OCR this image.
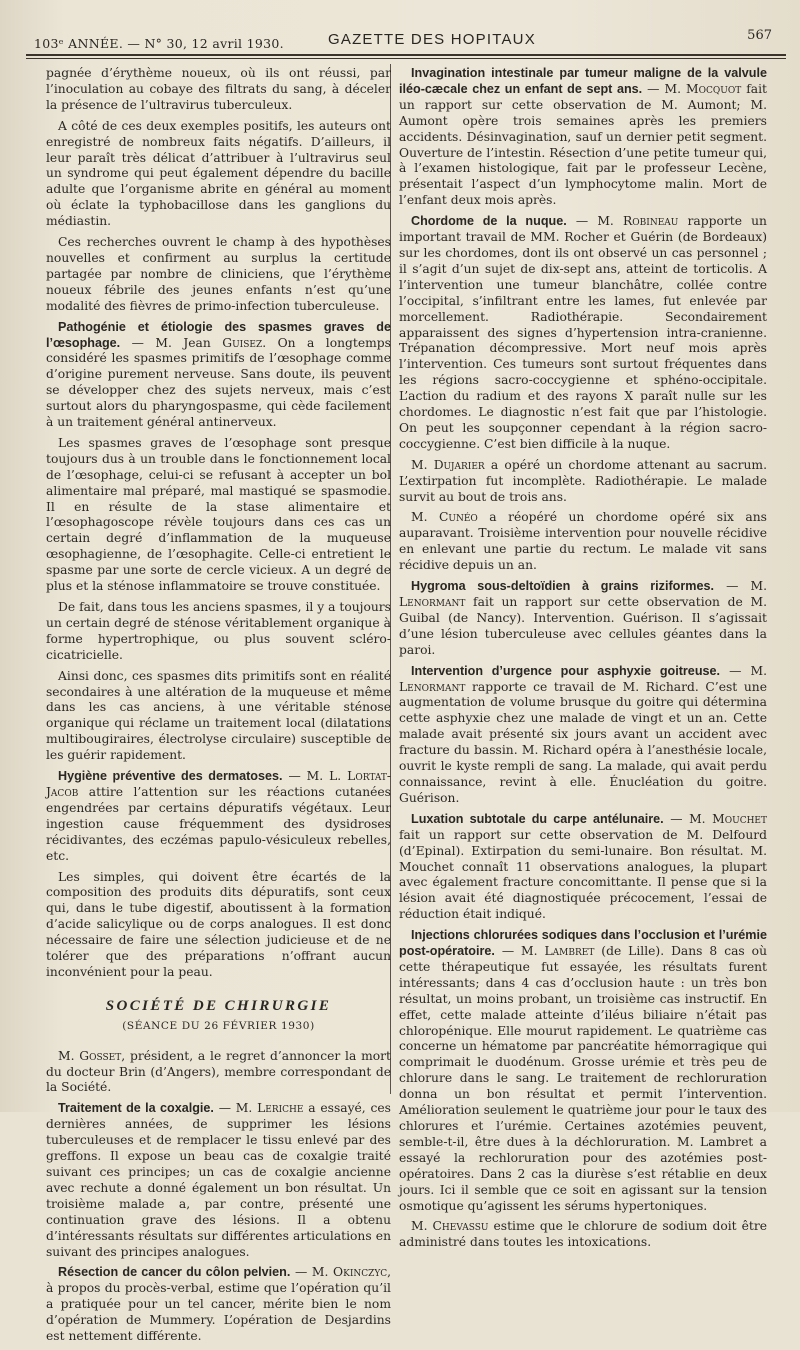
103ᵉ ANNÉE. — N° 30, 12 avril 1930.	GAZETTE DES HOPITAUX	567

pagnée d’érythème noueux, où ils ont réussi, par l’inoculation au cobaye des filtrats du sang, à déceler la présence de l’ultravirus tuberculeux.

A côté de ces deux exemples positifs, les auteurs ont enregistré de nombreux faits négatifs. D’ailleurs, il leur paraît très délicat d’attribuer à l’ultravirus seul un syndrome qui peut également dépendre du bacille adulte que l’organisme abrite en général au moment où éclate la typhobacillose dans les ganglions du médiastin.

Ces recherches ouvrent le champ à des hypothèses nouvelles et confirment au surplus la certitude partagée par nombre de cliniciens, que l’érythème noueux fébrile des jeunes enfants n’est qu’une modalité des fièvres de primo-infection tuberculeuse.

Pathogénie et étiologie des spasmes graves de l’œsophage. — M. Jean Guisez. On a longtemps considéré les spasmes primitifs de l’œsophage comme d’origine purement nerveuse. Sans doute, ils peuvent se développer chez des sujets nerveux, mais c’est surtout alors du pharyngospasme, qui cède facilement à un traitement général antinerveux.

Les spasmes graves de l’œsophage sont presque toujours dus à un trouble dans le fonctionnement local de l’œsophage, celui-ci se refusant à accepter un bol alimentaire mal préparé, mal mastiqué se spasmodie. Il en résulte de la stase alimentaire et l’œsophagoscope révèle toujours dans ces cas un certain degré d’inflammation de la muqueuse œsophagienne, de l’œsophagite. Celle-ci entretient le spasme par une sorte de cercle vicieux. A un degré de plus et la sténose inflammatoire se trouve constituée.

De fait, dans tous les anciens spasmes, il y a toujours un certain degré de sténose véritablement organique à forme hypertrophique, ou plus souvent scléro-cicatricielle.

Ainsi donc, ces spasmes dits primitifs sont en réalité secondaires à une altération de la muqueuse et même dans les cas anciens, à une véritable sténose organique qui réclame un traitement local (dilatations multibougiraires, électrolyse circulaire) susceptible de les guérir rapidement.

Hygiène préventive des dermatoses. — M. L. Lortat-Jacob attire l’attention sur les réactions cutanées engendrées par certains dépuratifs végétaux. Leur ingestion cause fréquemment des dysidroses récidivantes, des eczémas papulo-vésiculeux rebelles, etc.

Les simples, qui doivent être écartés de la composition des produits dits dépuratifs, sont ceux qui, dans le tube digestif, aboutissent à la formation d’acide salicylique ou de corps analogues. Il est donc nécessaire de faire une sélection judicieuse et de ne tolérer que des préparations n’offrant aucun inconvénient pour la peau.

SOCIÉTÉ DE CHIRURGIE
(SÉANCE DU 26 FÉVRIER 1930)

M. Gosset, président, a le regret d’annoncer la mort du docteur Brin (d’Angers), membre correspondant de la Société.

Traitement de la coxalgie. — M. Leriche a essayé, ces dernières années, de supprimer les lésions tuberculeuses et de remplacer le tissu enlevé par des greffons. Il expose un beau cas de coxalgie traité suivant ces principes; un cas de coxalgie ancienne avec rechute a donné également un bon résultat. Un troisième malade a, par contre, présenté une continuation grave des lésions. Il a obtenu d’intéressants résultats sur différentes articulations en suivant des principes analogues.

Résection de cancer du côlon pelvien. — M. Okinczyc, à propos du procès-verbal, estime que l’opération qu’il a pratiquée pour un tel cancer, mérite bien le nom d’opération de Mummery. L’opération de Desjardins est nettement différente.

Invagination intestinale par tumeur maligne de la valvule iléo-cæcale chez un enfant de sept ans. — M. Mocquot fait un rapport sur cette observation de M. Aumont; M. Aumont opère trois semaines après les premiers accidents. Désinvagination, sauf un dernier petit segment. Ouverture de l’intestin. Résection d’une petite tumeur qui, à l’examen histologique, fait par le professeur Lecène, présentait l’aspect d’un lymphocytome malin. Mort de l’enfant deux mois après.

Chordome de la nuque. — M. Robineau rapporte un important travail de MM. Rocher et Guérin (de Bordeaux) sur les chordomes, dont ils ont observé un cas personnel ; il s’agit d’un sujet de dix-sept ans, atteint de torticolis. A l’intervention une tumeur blanchâtre, collée contre l’occipital, s’infiltrant entre les lames, fut enlevée par morcellement. Radiothérapie. Secondairement apparaissent des signes d’hypertension intra-cranienne. Trépanation décompressive. Mort neuf mois après l’intervention. Ces tumeurs sont surtout fréquentes dans les régions sacro-coccygienne et sphéno-occipitale. L’action du radium et des rayons X paraît nulle sur les chordomes. Le diagnostic n’est fait que par l’histologie. On peut les soupçonner cependant à la région sacro-coccygienne. C’est bien difficile à la nuque.

M. Dujarier a opéré un chordome attenant au sacrum. L’extirpation fut incomplète. Radiothérapie. Le malade survit au bout de trois ans.

M. Cunéo a réopéré un chordome opéré six ans auparavant. Troisième intervention pour nouvelle récidive en enlevant une partie du rectum. Le malade vit sans récidive depuis un an.

Hygroma sous-deltoïdien à grains riziformes. — M. Lenormant fait un rapport sur cette observation de M. Guibal (de Nancy). Intervention. Guérison. Il s’agissait d’une lésion tuberculeuse avec cellules géantes dans la paroi.

Intervention d’urgence pour asphyxie goitreuse. — M. Lenormant rapporte ce travail de M. Richard. C’est une augmentation de volume brusque du goitre qui détermina cette asphyxie chez une malade de vingt et un an. Cette malade avait présenté six jours avant un accident avec fracture du bassin. M. Richard opéra à l’anesthésie locale, ouvrit le kyste rempli de sang. La malade, qui avait perdu connaissance, revint à elle. Énucléation du goitre. Guérison.

Luxation subtotale du carpe antélunaire. — M. Mouchet fait un rapport sur cette observation de M. Delfourd (d’Epinal). Extirpation du semi-lunaire. Bon résultat. M. Mouchet connaît 11 observations analogues, la plupart avec également fracture concomittante. Il pense que si la lésion avait été diagnostiquée précocement, l’essai de réduction était indiqué.

Injections chlorurées sodiques dans l’occlusion et l’urémie post-opératoire. — M. Lambret (de Lille). Dans 8 cas où cette thérapeutique fut essayée, les résultats furent intéressants; dans 4 cas d’occlusion haute : un très bon résultat, un moins probant, un troisième cas instructif. En effet, cette malade atteinte d’iléus biliaire n’était pas chloropénique. Elle mourut rapidement. Le quatrième cas concerne un hématome par pancréatite hémorragique qui comprimait le duodénum. Grosse urémie et très peu de chlorure dans le sang. Le traitement de rechloruration donna un bon résultat et permit l’intervention. Amélioration seulement le quatrième jour pour le taux des chlorures et l’urémie. Certaines azotémies peuvent, semble-t-il, être dues à la déchloruration. M. Lambret a essayé la rechloruration pour des azotémies post-opératoires. Dans 2 cas la diurèse s’est rétablie en deux jours. Ici il semble que ce soit en agissant sur la tension osmotique qu’agissent les sérums hypertoniques.

M. Chevassu estime que le chlorure de sodium doit être administré dans toutes les intoxications.
